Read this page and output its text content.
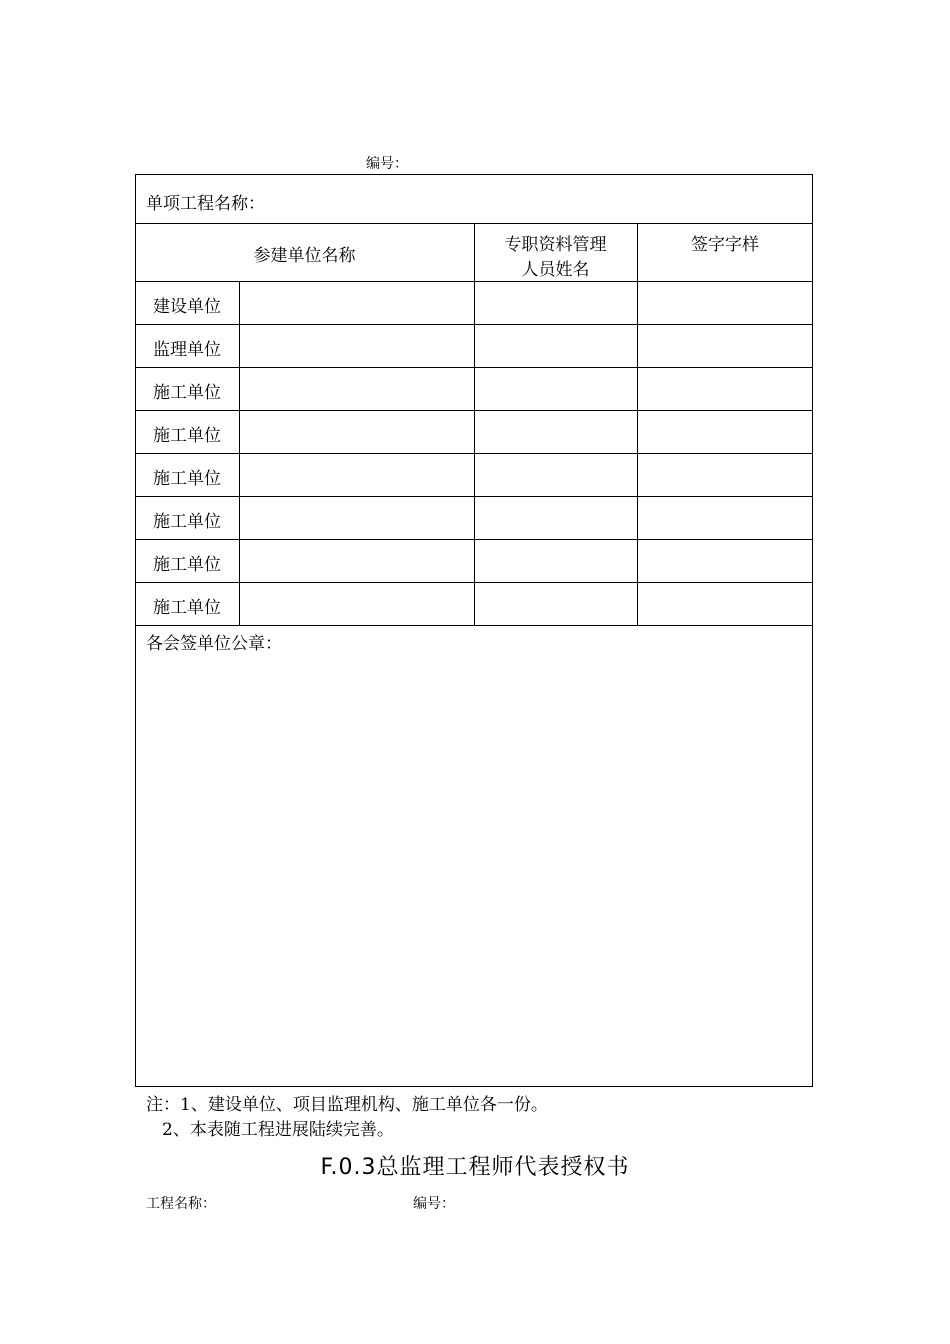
编号：
单项工程名称：
参建单位名称
专职资料管理
人员姓名
签字字样
建设单位
监理单位
施工单位
施工单位
施工单位
施工单位
施工单位
施工单位
各会签单位公章：
注：1、建设单位、项目监理机构、施工单位各一份。
2、本表随工程进展陆续完善。
F.0.3总监理工程师代表授权书
工程名称：	编号：
